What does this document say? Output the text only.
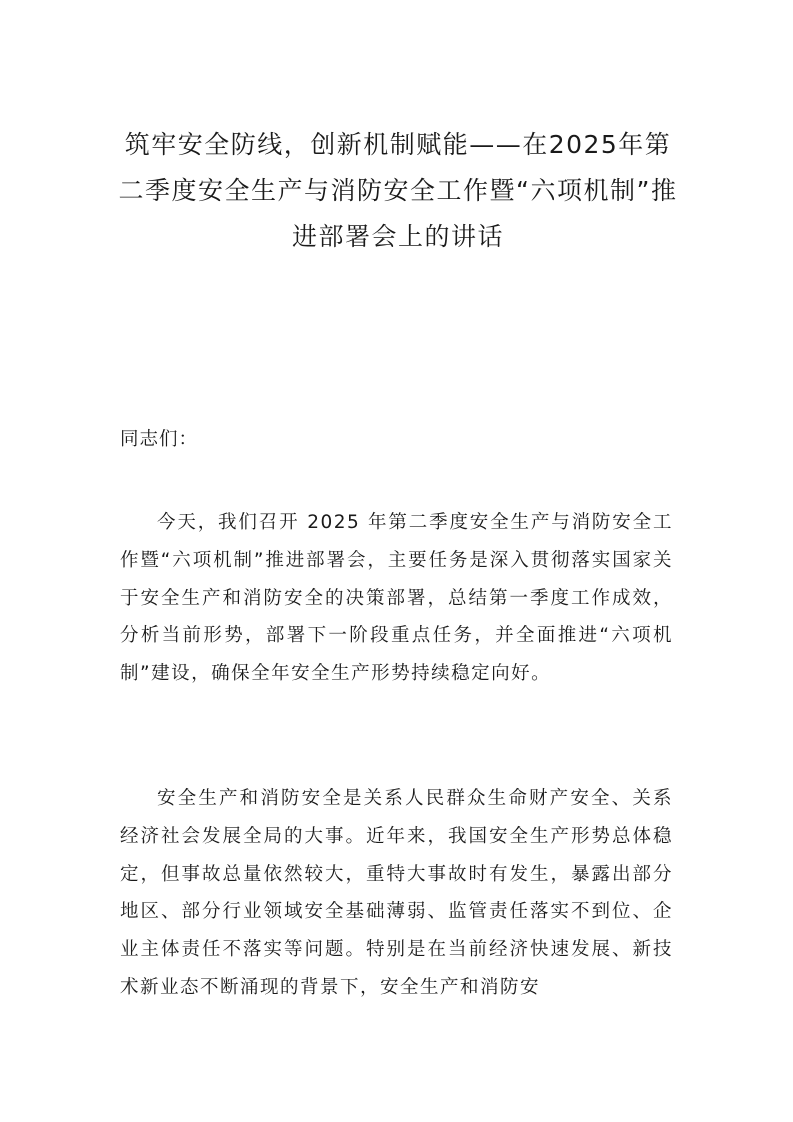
筑牢安全防线，创新机制赋能——在2025年第二季度安全生产与消防安全工作暨“六项机制”推进部署会上的讲话

同志们：

今天，我们召开 2025 年第二季度安全生产与消防安全工作暨“六项机制”推进部署会，主要任务是深入贯彻落实国家关于安全生产和消防安全的决策部署，总结第一季度工作成效，分析当前形势，部署下一阶段重点任务，并全面推进“六项机制”建设，确保全年安全生产形势持续稳定向好。

安全生产和消防安全是关系人民群众生命财产安全、关系经济社会发展全局的大事。近年来，我国安全生产形势总体稳定，但事故总量依然较大，重特大事故时有发生，暴露出部分地区、部分行业领域安全基础薄弱、监管责任落实不到位、企业主体责任不落实等问题。特别是在当前经济快速发展、新技术新业态不断涌现的背景下，安全生产和消防安
